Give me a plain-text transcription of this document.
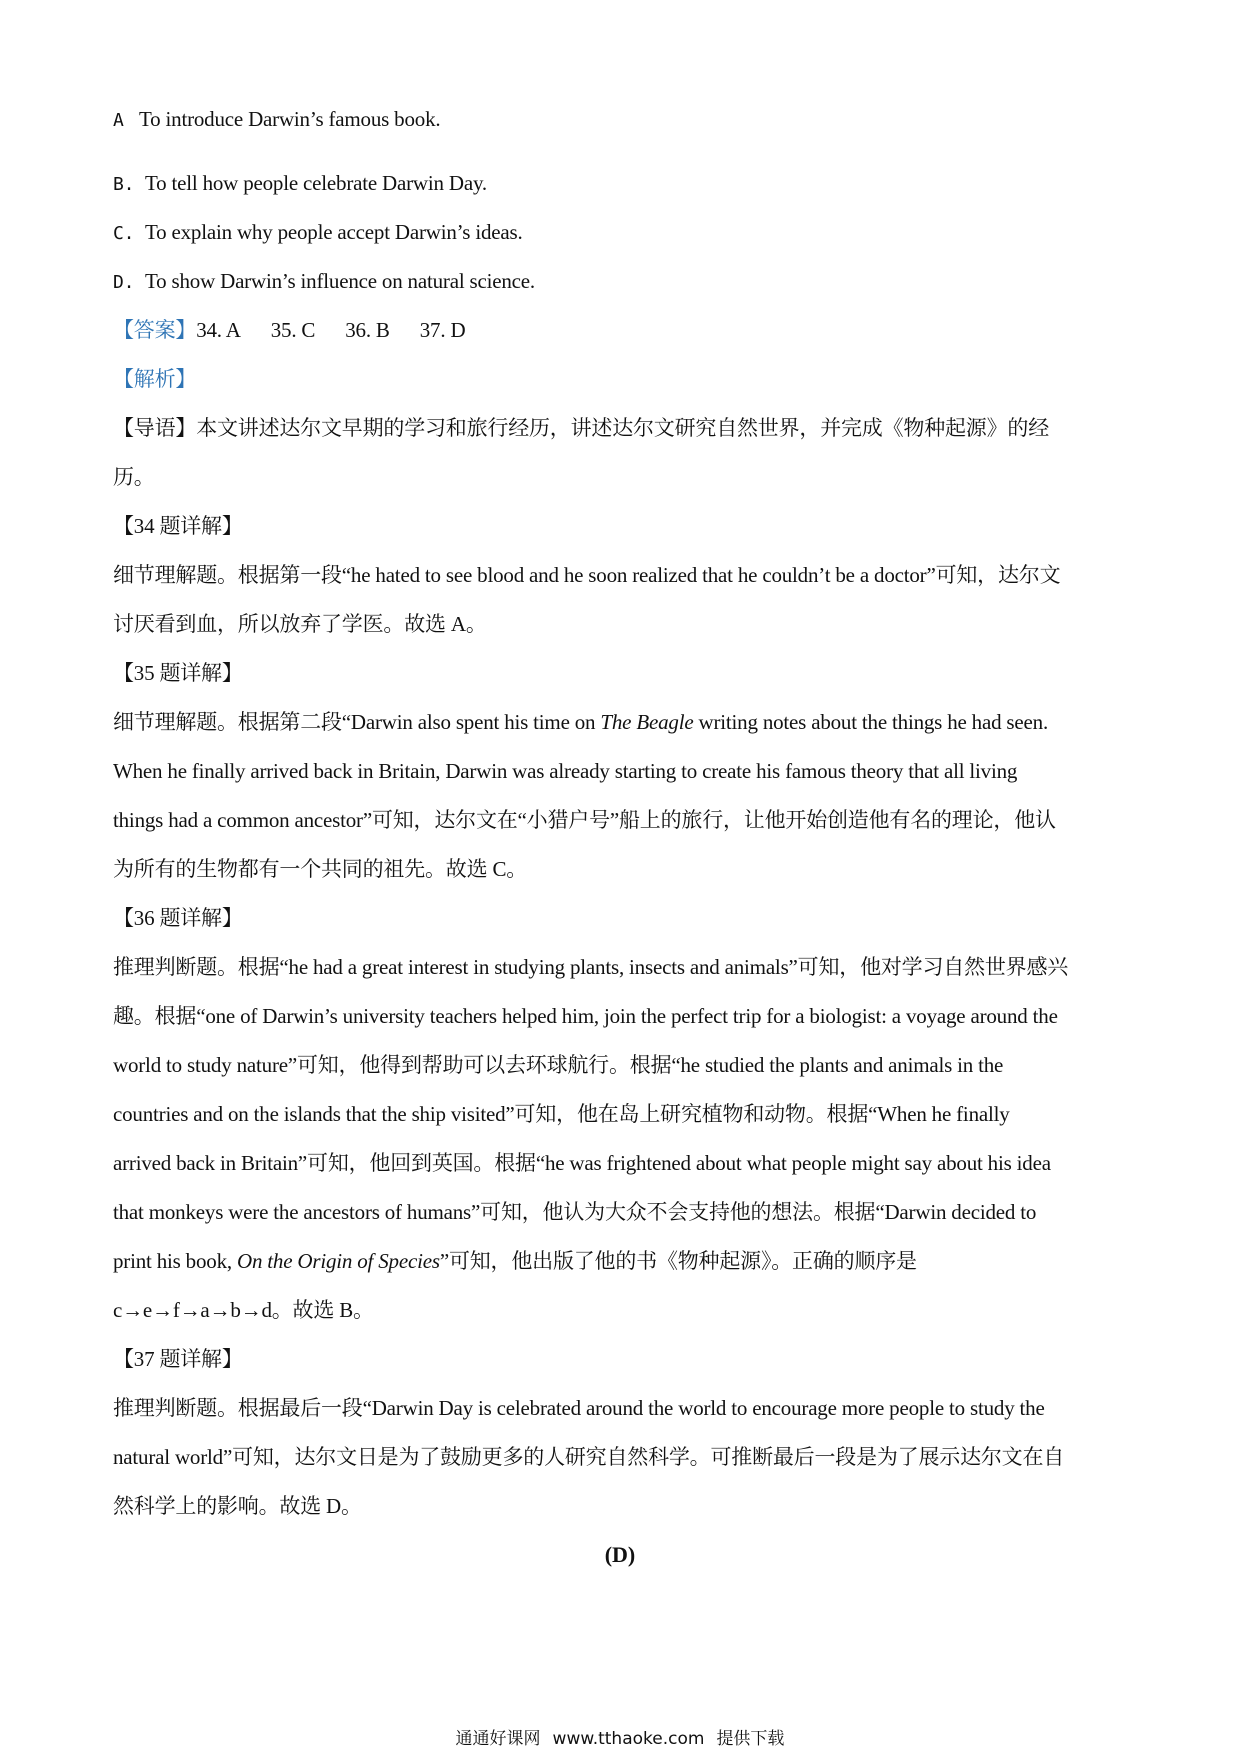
A To introduce Darwin’s famous book.
B. To tell how people celebrate Darwin Day.
C. To explain why people accept Darwin’s ideas.
D. To show Darwin’s influence on natural science.
【答案】34. A 35. C 36. B 37. D
【解析】
【导语】本文讲述达尔文早期的学习和旅行经历，讲述达尔文研究自然世界，并完成《物种起源》的经
历。
【34 题详解】
细节理解题。根据第一段“he hated to see blood and he soon realized that he couldn’t be a doctor”可知，达尔文
讨厌看到血，所以放弃了学医。故选 A。
【35 题详解】
细节理解题。根据第二段“Darwin also spent his time on The Beagle writing notes about the things he had seen.
When he finally arrived back in Britain, Darwin was already starting to create his famous theory that all living
things had a common ancestor”可知，达尔文在“小猎户号”船上的旅行，让他开始创造他有名的理论，他认
为所有的生物都有一个共同的祖先。故选 C。
【36 题详解】
推理判断题。根据“he had a great interest in studying plants, insects and animals”可知，他对学习自然世界感兴
趣。根据“one of Darwin’s university teachers helped him, join the perfect trip for a biologist: a voyage around the
world to study nature”可知，他得到帮助可以去环球航行。根据“he studied the plants and animals in the
countries and on the islands that the ship visited”可知，他在岛上研究植物和动物。根据“When he finally
arrived back in Britain”可知，他回到英国。根据“he was frightened about what people might say about his idea
that monkeys were the ancestors of humans”可知，他认为大众不会支持他的想法。根据“Darwin decided to
print his book, On the Origin of Species”可知，他出版了他的书《物种起源》。正确的顺序是
c→e→f→a→b→d。故选 B。
【37 题详解】
推理判断题。根据最后一段“Darwin Day is celebrated around the world to encourage more people to study the
natural world”可知，达尔文日是为了鼓励更多的人研究自然科学。可推断最后一段是为了展示达尔文在自
然科学上的影响。故选 D。
(D)
通通好课网 www.tthaoke.com 提供下载
